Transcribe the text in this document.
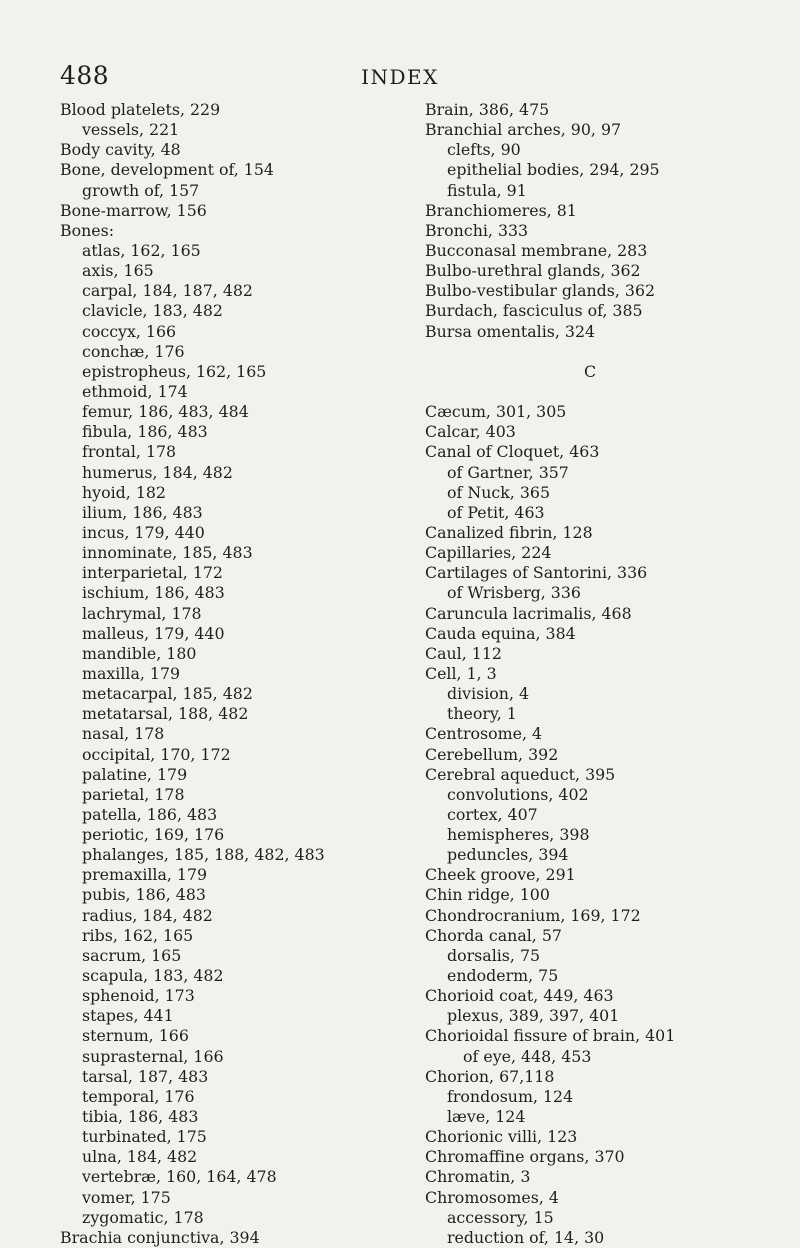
488	INDEX
Blood platelets, 229
vessels, 221
Body cavity, 48
Bone, development of, 154
growth of, 157
Bone-marrow, 156
Bones:
atlas, 162, 165
axis, 165
carpal, 184, 187, 482
clavicle, 183, 482
coccyx, 166
conchæ, 176
epistropheus, 162, 165
ethmoid, 174
femur, 186, 483, 484
fibula, 186, 483
frontal, 178
humerus, 184, 482
hyoid, 182
ilium, 186, 483
incus, 179, 440
innominate, 185, 483
interparietal, 172
ischium, 186, 483
lachrymal, 178
malleus, 179, 440
mandible, 180
maxilla, 179
metacarpal, 185, 482
metatarsal, 188, 482
nasal, 178
occipital, 170, 172
palatine, 179
parietal, 178
patella, 186, 483
periotic, 169, 176
phalanges, 185, 188, 482, 483
premaxilla, 179
pubis, 186, 483
radius, 184, 482
ribs, 162, 165
sacrum, 165
scapula, 183, 482
sphenoid, 173
stapes, 441
sternum, 166
suprasternal, 166
tarsal, 187, 483
temporal, 176
tibia, 186, 483
turbinated, 175
ulna, 184, 482
vertebræ, 160, 164, 478
vomer, 175
zygomatic, 178
Brachia conjunctiva, 394
Brain, 386, 475
Branchial arches, 90, 97
clefts, 90
epithelial bodies, 294, 295
fistula, 91
Branchiomeres, 81
Bronchi, 333
Bucconasal membrane, 283
Bulbo-urethral glands, 362
Bulbo-vestibular glands, 362
Burdach, fasciculus of, 385
Bursa omentalis, 324
C
Cæcum, 301, 305
Calcar, 403
Canal of Cloquet, 463
of Gartner, 357
of Nuck, 365
of Petit, 463
Canalized fibrin, 128
Capillaries, 224
Cartilages of Santorini, 336
of Wrisberg, 336
Caruncula lacrimalis, 468
Cauda equina, 384
Caul, 112
Cell, 1, 3
division, 4
theory, 1
Centrosome, 4
Cerebellum, 392
Cerebral aqueduct, 395
convolutions, 402
cortex, 407
hemispheres, 398
peduncles, 394
Cheek groove, 291
Chin ridge, 100
Chondrocranium, 169, 172
Chorda canal, 57
dorsalis, 75
endoderm, 75
Chorioid coat, 449, 463
plexus, 389, 397, 401
Chorioidal fissure of brain, 401
of eye, 448, 453
Chorion, 67,118
frondosum, 124
læve, 124
Chorionic villi, 123
Chromaffine organs, 370
Chromatin, 3
Chromosomes, 4
accessory, 15
reduction of, 14, 30
